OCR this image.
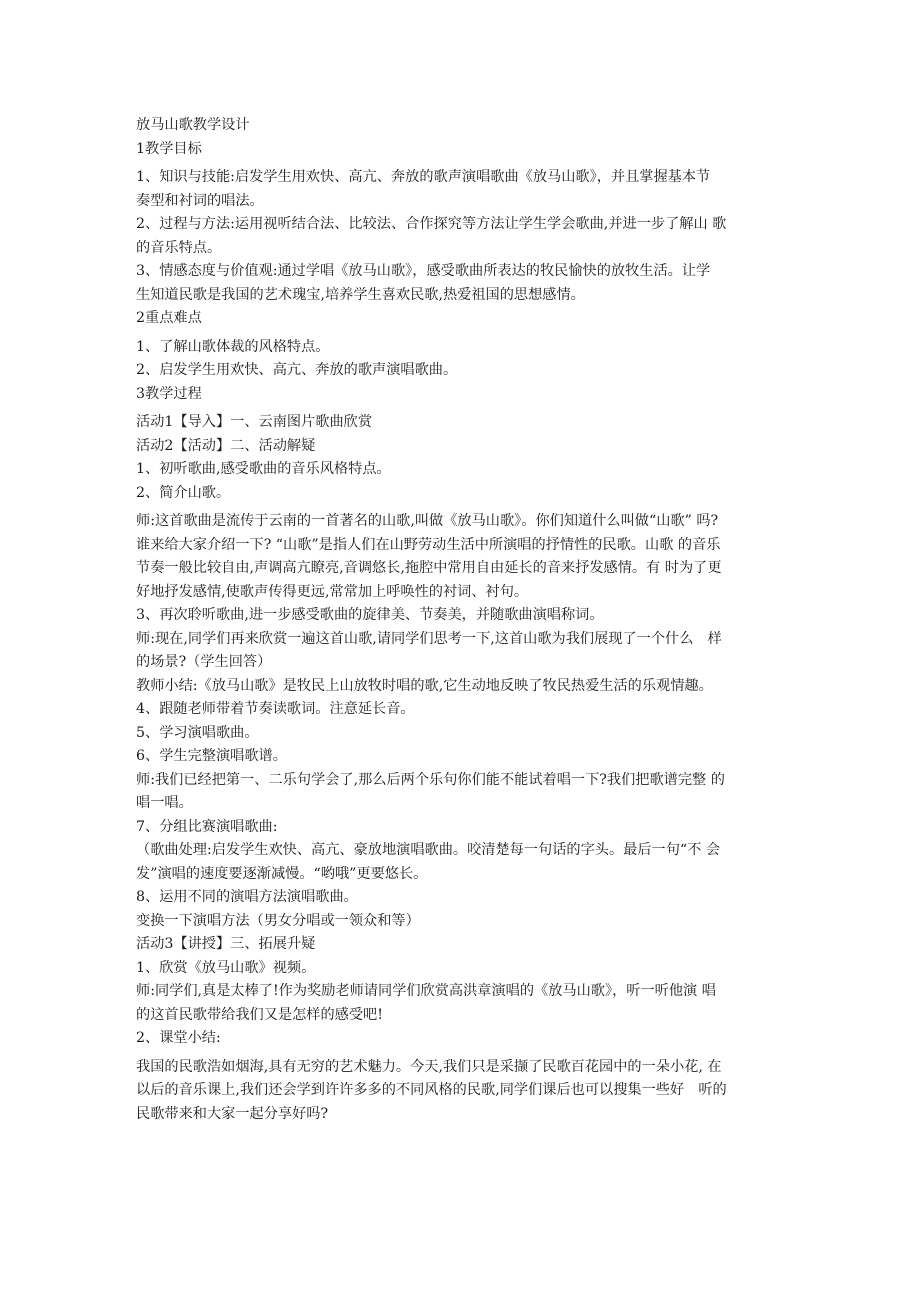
放马山歌教学设计
1教学目标
1、知识与技能:启发学生用欢快、高亢、奔放的歌声演唱歌曲《放马山歌》，并且掌握基本节
奏型和衬词的唱法。
2、过程与方法:运用视听结合法、比较法、合作探究等方法让学生学会歌曲,并进一步了解山 歌
的音乐特点。
3、情感态度与价值观:通过学唱《放马山歌》，感受歌曲所表达的牧民愉快的放牧生活。让学
生知道民歌是我国的艺术瑰宝,培养学生喜欢民歌,热爱祖国的思想感情。
2重点难点
1、了解山歌体裁的风格特点。
2、启发学生用欢快、高亢、奔放的歌声演唱歌曲。
3教学过程
活动1【导入】一、云南图片歌曲欣赏
活动2【活动】二、活动解疑
1、初听歌曲,感受歌曲的音乐风格特点。
2、简介山歌。
师:这首歌曲是流传于云南的一首著名的山歌,叫做《放马山歌》。你们知道什么叫做“山歌” 吗?
谁来给大家介绍一下? “山歌”是指人们在山野劳动生活中所演唱的抒情性的民歌。山歌 的音乐
节奏一般比较自由,声调高亢瞭亮,音调悠长,拖腔中常用自由延长的音来抒发感情。有 时为了更
好地抒发感情,使歌声传得更远,常常加上呼唤性的衬词、衬句。
3、再次聆听歌曲,进一步感受歌曲的旋律美、节奏美，并随歌曲演唱称词。
师:现在,同学们再来欣赏一遍这首山歌,请同学们思考一下,这首山歌为我们展现了一个什么　样
的场景?（学生回答）
教师小结:《放马山歌》是牧民上山放牧时唱的歌,它生动地反映了牧民热爱生活的乐观情趣。
4、跟随老师带着节奏读歌词。注意延长音。
5、学习演唱歌曲。
6、学生完整演唱歌谱。
师:我们已经把第一、二乐句学会了,那么后两个乐句你们能不能试着唱一下?我们把歌谱完整 的
唱一唱。
7、分组比赛演唱歌曲:
（歌曲处理:启发学生欢快、高亢、豪放地演唱歌曲。咬清楚每一句话的字头。最后一句“不 会
发”演唱的速度要逐渐减慢。“哟哦”更要悠长。
8、运用不同的演唱方法演唱歌曲。
变换一下演唱方法（男女分唱或一领众和等）
活动3【讲授】三、拓展升疑
1、欣赏《放马山歌》视频。
师:同学们,真是太棒了!作为奖励老师请同学们欣赏高洪章演唱的《放马山歌》，听一听他演 唱
的这首民歌带给我们又是怎样的感受吧!
2、课堂小结:
我国的民歌浩如烟海,具有无穷的艺术魅力。今天,我们只是采撷了民歌百花园中的一朵小花, 在
以后的音乐课上,我们还会学到许许多多的不同风格的民歌,同学们课后也可以搜集一些好　听的
民歌带来和大家一起分享好吗?
